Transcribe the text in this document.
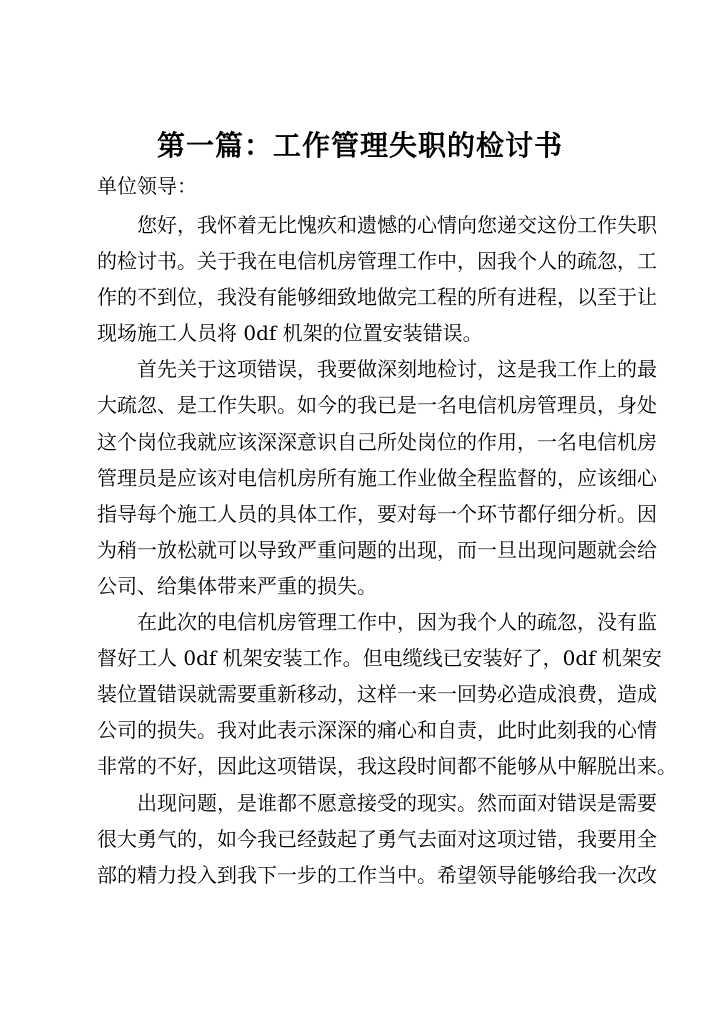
第一篇：工作管理失职的检讨书

单位领导：

您好，我怀着无比愧疚和遗憾的心情向您递交这份工作失职
的检讨书。关于我在电信机房管理工作中，因我个人的疏忽，工
作的不到位，我没有能够细致地做完工程的所有进程，以至于让
现场施工人员将 0df 机架的位置安装错误。
首先关于这项错误，我要做深刻地检讨，这是我工作上的最
大疏忽、是工作失职。如今的我已是一名电信机房管理员，身处
这个岗位我就应该深深意识自己所处岗位的作用，一名电信机房
管理员是应该对电信机房所有施工作业做全程监督的，应该细心
指导每个施工人员的具体工作，要对每一个环节都仔细分析。因
为稍一放松就可以导致严重问题的出现，而一旦出现问题就会给
公司、给集体带来严重的损失。
在此次的电信机房管理工作中，因为我个人的疏忽，没有监
督好工人 0df 机架安装工作。但电缆线已安装好了，0df 机架安
装位置错误就需要重新移动，这样一来一回势必造成浪费，造成
公司的损失。我对此表示深深的痛心和自责，此时此刻我的心情
非常的不好，因此这项错误，我这段时间都不能够从中解脱出来。
出现问题，是谁都不愿意接受的现实。然而面对错误是需要
很大勇气的，如今我已经鼓起了勇气去面对这项过错，我要用全
部的精力投入到我下一步的工作当中。希望领导能够给我一次改
